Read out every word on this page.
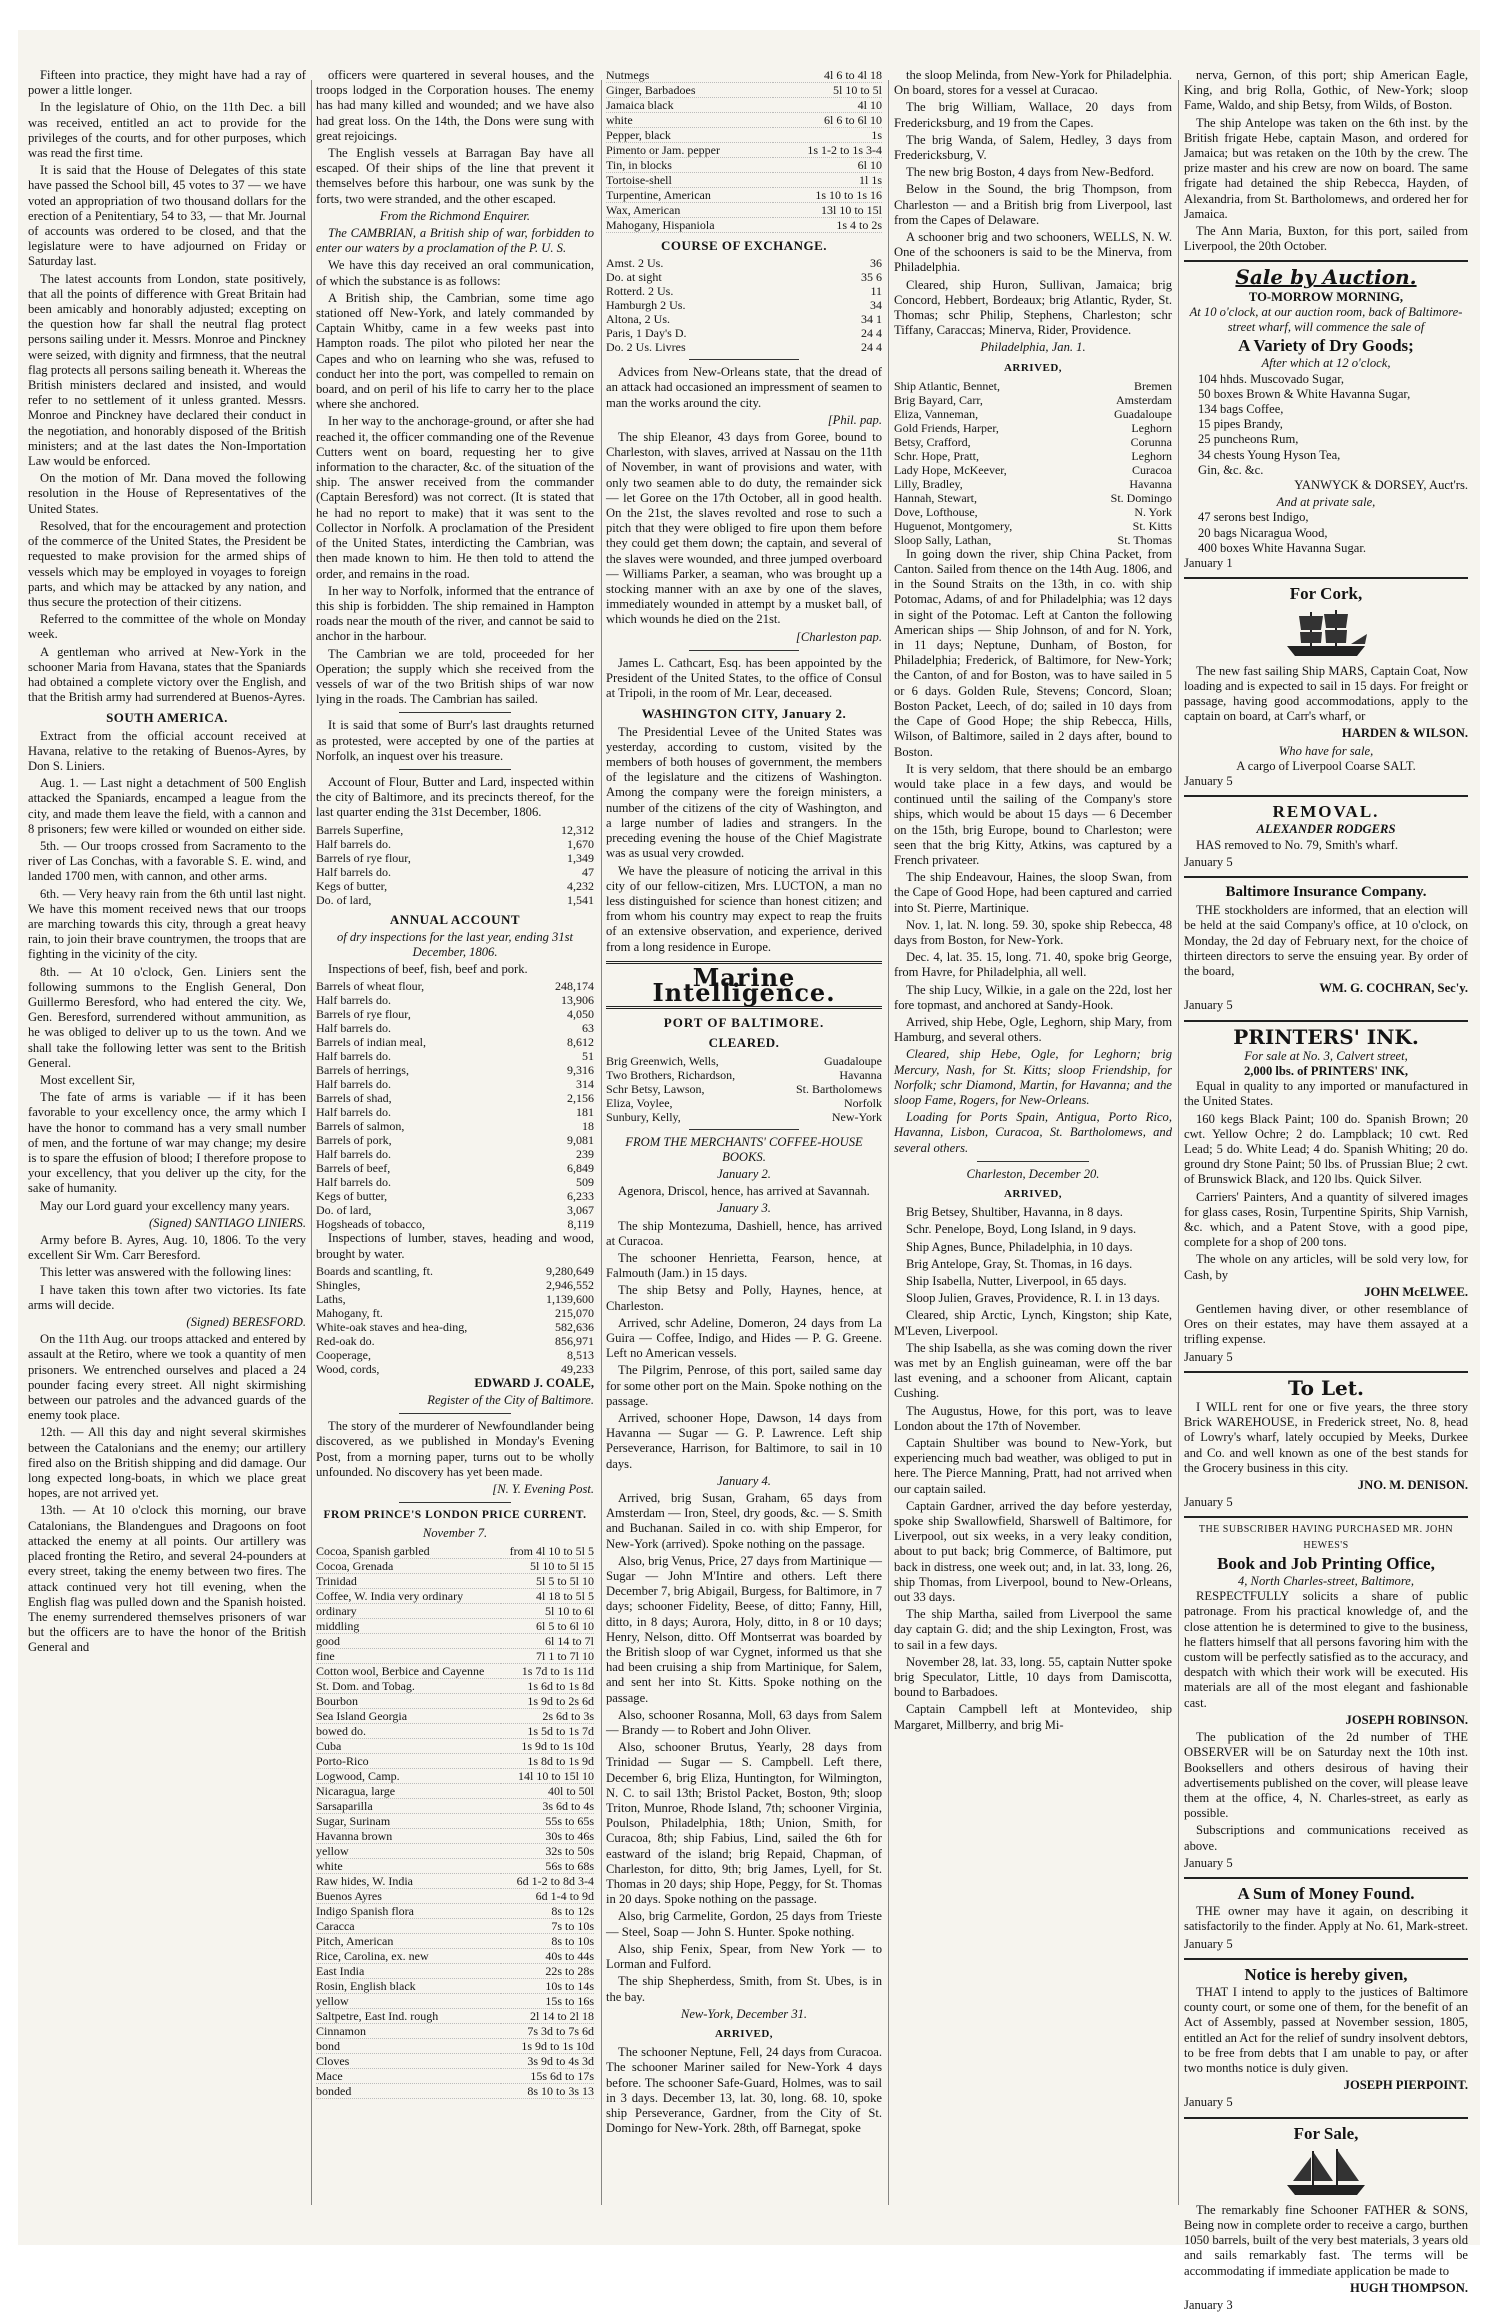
Fifteen into practice, they might have had a ray of power a little longer.

In the legislature of Ohio, on the 11th Dec. a bill was received, entitled an act to provide for the privileges of the courts, and for other purposes, which was read the first time.

It is said that the House of Delegates of this state have passed the School bill, 45 votes to 37 — we have voted an appropriation of two thousand dollars for the erection of a Penitentiary, 54 to 33, — that Mr. Journal of accounts was ordered to be closed, and that the legislature were to have adjourned on Friday or Saturday last.

The latest accounts from London, state positively, that all the points of difference with Great Britain had been amicably and honorably adjusted; excepting on the question how far shall the neutral flag protect persons sailing under it. Messrs. Monroe and Pinckney were seized, with dignity and firmness, that the neutral flag protects all persons sailing beneath it. Whereas the British ministers declared and insisted, and would refer to no settlement of it unless granted. Messrs. Monroe and Pinckney have declared their conduct in the negotiation, and honorably disposed of the British ministers; and at the last dates the Non-Importation Law would be enforced.

On the motion of Mr. Dana moved the following resolution in the House of Representatives of the United States.

Resolved, that for the encouragement and protection of the commerce of the United States, the President be requested to make provision for the armed ships of vessels which may be employed in voyages to foreign parts, and which may be attacked by any nation, and thus secure the protection of their citizens.

Referred to the committee of the whole on Monday week.

A gentleman who arrived at New-York in the schooner Maria from Havana, states that the Spaniards had obtained a complete victory over the English, and that the British army had surrendered at Buenos-Ayres.

SOUTH AMERICA.

Extract from the official account received at Havana, relative to the retaking of Buenos-Ayres, by Don S. Liniers.

Aug. 1. — Last night a detachment of 500 English attacked the Spaniards, encamped a league from the city, and made them leave the field, with a cannon and 8 prisoners; few were killed or wounded on either side.

5th. — Our troops crossed from Sacramento to the river of Las Conchas, with a favorable S. E. wind, and landed 1700 men, with cannon, and other arms.

6th. — Very heavy rain from the 6th until last night. We have this moment received news that our troops are marching towards this city, through a great heavy rain, to join their brave countrymen, the troops that are fighting in the vicinity of the city.

8th. — At 10 o'clock, Gen. Liniers sent the following summons to the English General, Don Guillermo Beresford, who had entered the city. We, Gen. Beresford, surrendered without ammunition, as he was obliged to deliver up to us the town. And we shall take the following letter was sent to the British General.

Most excellent Sir,

The fate of arms is variable — if it has been favorable to your excellency once, the army which I have the honor to command has a very small number of men, and the fortune of war may change; my desire is to spare the effusion of blood; I therefore propose to your excellency, that you deliver up the city, for the sake of humanity.

May our Lord guard your excellency many years.

(Signed) SANTIAGO LINIERS.

Army before B. Ayres, Aug. 10, 1806. To the very excellent Sir Wm. Carr Beresford.

This letter was answered with the following lines:

I have taken this town after two victories. Its fate arms will decide.

(Signed) BERESFORD.

On the 11th Aug. our troops attacked and entered by assault at the Retiro, where we took a quantity of men prisoners. We entrenched ourselves and placed a 24 pounder facing every street. All night skirmishing between our patroles and the advanced guards of the enemy took place.

12th. — All this day and night several skirmishes between the Catalonians and the enemy; our artillery fired also on the British shipping and did damage. Our long expected long-boats, in which we place great hopes, are not arrived yet.

13th. — At 10 o'clock this morning, our brave Catalonians, the Blandengues and Dragoons on foot attacked the enemy at all points. Our artillery was placed fronting the Retiro, and several 24-pounders at every street, taking the enemy between two fires. The attack continued very hot till evening, when the English flag was pulled down and the Spanish hoisted. The enemy surrendered themselves prisoners of war but the officers are to have the honor of the British General and

officers were quartered in several houses, and the troops lodged in the Corporation houses. The enemy has had many killed and wounded; and we have also had great loss. On the 14th, the Dons were sung with great rejoicings.

The English vessels at Barragan Bay have all escaped. Of their ships of the line that prevent it themselves before this harbour, one was sunk by the forts, two were stranded, and the other escaped.

From the Richmond Enquirer.

The CAMBRIAN, a British ship of war, forbidden to enter our waters by a proclamation of the P. U. S.

We have this day received an oral communication, of which the substance is as follows:

A British ship, the Cambrian, some time ago stationed off New-York, and lately commanded by Captain Whitby, came in a few weeks past into Hampton roads. The pilot who piloted her near the Capes and who on learning who she was, refused to conduct her into the port, was compelled to remain on board, and on peril of his life to carry her to the place where she anchored.

In her way to the anchorage-ground, or after she had reached it, the officer commanding one of the Revenue Cutters went on board, requesting her to give information to the character, &c. of the situation of the ship. The answer received from the commander (Captain Beresford) was not correct. (It is stated that he had no report to make) that it was sent to the Collector in Norfolk. A proclamation of the President of the United States, interdicting the Cambrian, was then made known to him. He then told to attend the order, and remains in the road.

In her way to Norfolk, informed that the entrance of this ship is forbidden. The ship remained in Hampton roads near the mouth of the river, and cannot be said to anchor in the harbour.

The Cambrian we are told, proceeded for her Operation; the supply which she received from the vessels of war of the two British ships of war now lying in the roads. The Cambrian has sailed.

It is said that some of Burr's last draughts returned as protested, were accepted by one of the parties at Norfolk, an inquest over his treasure.

Account of Flour, Butter and Lard, inspected within the city of Baltimore, and its precincts thereof, for the last quarter ending the 31st December, 1806.

Barrels Superfine,	12,312
Half barrels do.	1,670
Barrels of rye flour,	1,349
Half barrels do.	47
Kegs of butter,	4,232
Do. of lard,	1,541
ANNUAL ACCOUNT
of dry inspections for the last year, ending 31st December, 1806.

Inspections of beef, fish, beef and pork.

Barrels of wheat flour,	248,174
Half barrels do.	13,906
Barrels of rye flour,	4,050
Half barrels do.	63
Barrels of indian meal,	8,612
Half barrels do.	51
Barrels of herrings,	9,316
Half barrels do.	314
Barrels of shad,	2,156
Half barrels do.	181
Barrels of salmon,	18
Barrels of pork,	9,081
Half barrels do.	239
Barrels of beef,	6,849
Half barrels do.	509
Kegs of butter,	6,233
Do. of lard,	3,067
Hogsheads of tobacco,	8,119

Inspections of lumber, staves, heading and wood, brought by water.

Boards and scantling, ft.	9,280,649
Shingles,	2,946,552
Laths,	1,139,600
Mahogany, ft.	215,070
White-oak staves and hea-ding,	582,636
Red-oak do.	856,971
Cooperage,	8,513
Wood, cords,	49,233

EDWARD J. COALE,

Register of the City of Baltimore.

The story of the murderer of Newfoundlander being discovered, as we published in Monday's Evening Post, from a morning paper, turns out to be wholly unfounded. No discovery has yet been made.

[N. Y. Evening Post.

FROM PRINCE'S LONDON PRICE CURRENT.
November 7.
Cocoa, Spanish garbled	from 4l 10 to 5l 5
Cocoa, Grenada	5l 10 to 5l 15
Trinidad	5l 5 to 5l 10
Coffee, W. India very ordinary	4l 18 to 5l 5
ordinary	5l 10 to 6l
middling	6l 5 to 6l 10
good	6l 14 to 7l
fine	7l 1 to 7l 10
Cotton wool, Berbice and Cayenne	1s 7d to 1s 11d
St. Dom. and Tobag.	1s 6d to 1s 8d
Bourbon	1s 9d to 2s 6d
Sea Island Georgia	2s 6d to 3s
bowed do.	1s 5d to 1s 7d
Cuba	1s 9d to 1s 10d
Porto-Rico	1s 8d to 1s 9d
Logwood, Camp.	14l 10 to 15l 10
Nicaragua, large	40l to 50l
Sarsaparilla	3s 6d to 4s
Sugar, Surinam	55s to 65s
Havanna brown	30s to 46s
yellow	32s to 50s
white	56s to 68s
Raw hides, W. India	6d 1-2 to 8d 3-4
Buenos Ayres	6d 1-4 to 9d
Indigo Spanish flora	8s to 12s
Caracca	7s to 10s
Pitch, American	8s to 10s
Rice, Carolina, ex. new	40s to 44s
East India	22s to 28s
Rosin, English black	10s to 14s
yellow	15s to 16s
Saltpetre, East Ind. rough	2l 14 to 2l 18
Cinnamon	7s 3d to 7s 6d
bond	1s 9d to 1s 10d
Cloves	3s 9d to 4s 3d
Mace	15s 6d to 17s
bonded	8s 10 to 3s 13
Nutmegs	4l 6 to 4l 18
Ginger, Barbadoes	5l 10 to 5l
Jamaica black	4l 10
white	6l 6 to 6l 10
Pepper, black	1s
Pimento or Jam. pepper	1s 1-2 to 1s 3-4
Tin, in blocks	6l 10
Tortoise-shell	1l 1s
Turpentine, American	1s 10 to 1s 16
Wax, American	13l 10 to 15l
Mahogany, Hispaniola	1s 4 to 2s
COURSE OF EXCHANGE.
Amst. 2 Us.	36
Do. at sight	35 6
Rotterd. 2 Us.	11
Hamburgh 2 Us.	34
Altona, 2 Us.	34 1
Paris, 1 Day's D.	24 4
Do. 2 Us. Livres	24 4

Advices from New-Orleans state, that the dread of an attack had occasioned an impressment of seamen to man the works around the city.

[Phil. pap.

The ship Eleanor, 43 days from Goree, bound to Charleston, with slaves, arrived at Nassau on the 11th of November, in want of provisions and water, with only two seamen able to do duty, the remainder sick — let Goree on the 17th October, all in good health. On the 21st, the slaves revolted and rose to such a pitch that they were obliged to fire upon them before they could get them down; the captain, and several of the slaves were wounded, and three jumped overboard — Williams Parker, a seaman, who was brought up a stocking manner with an axe by one of the slaves, immediately wounded in attempt by a musket ball, of which wounds he died on the 21st.

[Charleston pap.

James L. Cathcart, Esq. has been appointed by the President of the United States, to the office of Consul at Tripoli, in the room of Mr. Lear, deceased.

WASHINGTON CITY, January 2.

The Presidential Levee of the United States was yesterday, according to custom, visited by the members of both houses of government, the members of the legislature and the citizens of Washington. Among the company were the foreign ministers, a number of the citizens of the city of Washington, and a large number of ladies and strangers. In the preceding evening the house of the Chief Magistrate was as usual very crowded.

We have the pleasure of noticing the arrival in this city of our fellow-citizen, Mrs. LUCTON, a man no less distinguished for science than honest citizen; and from whom his country may expect to reap the fruits of an extensive observation, and experience, derived from a long residence in Europe.

Marine Intelligence.
PORT OF BALTIMORE.
CLEARED.
Brig Greenwich, Wells,	Guadaloupe
Two Brothers, Richardson,	Havanna
Schr Betsy, Lawson,	St. Bartholomews
Eliza, Voylee,	Norfolk
Sunbury, Kelly,	New-York
FROM THE MERCHANTS' COFFEE-HOUSE BOOKS.
January 2.

Agenora, Driscol, hence, has arrived at Savannah.

January 3.

The ship Montezuma, Dashiell, hence, has arrived at Curacoa.

The schooner Henrietta, Fearson, hence, at Falmouth (Jam.) in 15 days.

The ship Betsy and Polly, Haynes, hence, at Charleston.

Arrived, schr Adeline, Domeron, 24 days from La Guira — Coffee, Indigo, and Hides — P. G. Greene. Left no American vessels.

The Pilgrim, Penrose, of this port, sailed same day for some other port on the Main. Spoke nothing on the passage.

Arrived, schooner Hope, Dawson, 14 days from Havanna — Sugar — G. P. Lawrence. Left ship Perseverance, Harrison, for Baltimore, to sail in 10 days.

January 4.

Arrived, brig Susan, Graham, 65 days from Amsterdam — Iron, Steel, dry goods, &c. — S. Smith and Buchanan. Sailed in co. with ship Emperor, for New-York (arrived). Spoke nothing on the passage.

Also, brig Venus, Price, 27 days from Martinique — Sugar — John M'Intire and others. Left there December 7, brig Abigail, Burgess, for Baltimore, in 7 days; schooner Fidelity, Beese, of ditto; Fanny, Hill, ditto, in 8 days; Aurora, Holy, ditto, in 8 or 10 days; Henry, Nelson, ditto. Off Montserrat was boarded by the British sloop of war Cygnet, informed us that she had been cruising a ship from Martinique, for Salem, and sent her into St. Kitts. Spoke nothing on the passage.

Also, schooner Rosanna, Moll, 63 days from Salem — Brandy — to Robert and John Oliver.

Also, schooner Brutus, Yearly, 28 days from Trinidad — Sugar — S. Campbell. Left there, December 6, brig Eliza, Huntington, for Wilmington, N. C. to sail 13th; Bristol Packet, Boston, 9th; sloop Triton, Munroe, Rhode Island, 7th; schooner Virginia, Poulson, Philadelphia, 18th; Union, Smith, for Curacoa, 8th; ship Fabius, Lind, sailed the 6th for eastward of the island; brig Repaid, Chapman, of Charleston, for ditto, 9th; brig James, Lyell, for St. Thomas in 20 days; ship Hope, Peggy, for St. Thomas in 20 days. Spoke nothing on the passage.

Also, brig Carmelite, Gordon, 25 days from Trieste — Steel, Soap — John S. Hunter. Spoke nothing.

Also, ship Fenix, Spear, from New York — to Lorman and Fulford.

The ship Shepherdess, Smith, from St. Ubes, is in the bay.

New-York, December 31.
ARRIVED,

The schooner Neptune, Fell, 24 days from Curacoa. The schooner Mariner sailed for New-York 4 days before. The schooner Safe-Guard, Holmes, was to sail in 3 days. December 13, lat. 30, long. 68. 10, spoke ship Perseverance, Gardner, from the City of St. Domingo for New-York. 28th, off Barnegat, spoke

the sloop Melinda, from New-York for Philadelphia. On board, stores for a vessel at Curacao.

The brig William, Wallace, 20 days from Fredericksburg, and 19 from the Capes.

The brig Wanda, of Salem, Hedley, 3 days from Fredericksburg, V.

The new brig Boston, 4 days from New-Bedford.

Below in the Sound, the brig Thompson, from Charleston — and a British brig from Liverpool, last from the Capes of Delaware.

A schooner brig and two schooners, WELLS, N. W. One of the schooners is said to be the Minerva, from Philadelphia.

Cleared, ship Huron, Sullivan, Jamaica; brig Concord, Hebbert, Bordeaux; brig Atlantic, Ryder, St. Thomas; schr Philip, Stephens, Charleston; schr Tiffany, Caraccas; Minerva, Rider, Providence.

Philadelphia, Jan. 1.
ARRIVED,
Ship Atlantic, Bennet,	Bremen
Brig Bayard, Carr,	Amsterdam
Eliza, Vanneman,	Guadaloupe
Gold Friends, Harper,	Leghorn
Betsy, Crafford,	Corunna
Schr. Hope, Pratt,	Leghorn
Lady Hope, McKeever,	Curacoa
Lilly, Bradley,	Havanna
Hannah, Stewart,	St. Domingo
Dove, Lofthouse,	N. York
Huguenot, Montgomery,	St. Kitts
Sloop Sally, Lathan,	St. Thomas

In going down the river, ship China Packet, from Canton. Sailed from thence on the 14th Aug. 1806, and in the Sound Straits on the 13th, in co. with ship Potomac, Adams, of and for Philadelphia; was 12 days in sight of the Potomac. Left at Canton the following American ships — Ship Johnson, of and for N. York, in 11 days; Neptune, Dunham, of Boston, for Philadelphia; Frederick, of Baltimore, for New-York; the Canton, of and for Boston, was to have sailed in 5 or 6 days. Golden Rule, Stevens; Concord, Sloan; Boston Packet, Leech, of do; sailed in 10 days from the Cape of Good Hope; the ship Rebecca, Hills, Wilson, of Baltimore, sailed in 2 days after, bound to Boston.

It is very seldom, that there should be an embargo would take place in a few days, and would be continued until the sailing of the Company's store ships, which would be about 15 days — 6 December on the 15th, brig Europe, bound to Charleston; were seen that the brig Kitty, Atkins, was captured by a French privateer.

The ship Endeavour, Haines, the sloop Swan, from the Cape of Good Hope, had been captured and carried into St. Pierre, Martinique.

Nov. 1, lat. N. long. 59. 30, spoke ship Rebecca, 48 days from Boston, for New-York.

Dec. 4, lat. 35. 15, long. 71. 40, spoke brig George, from Havre, for Philadelphia, all well.

The ship Lucy, Wilkie, in a gale on the 22d, lost her fore topmast, and anchored at Sandy-Hook.

Arrived, ship Hebe, Ogle, Leghorn, ship Mary, from Hamburg, and several others.

Cleared, ship Hebe, Ogle, for Leghorn; brig Mercury, Nash, for St. Kitts; sloop Friendship, for Norfolk; schr Diamond, Martin, for Havanna; and the sloop Fame, Rogers, for New-Orleans.

Loading for Ports Spain, Antigua, Porto Rico, Havanna, Lisbon, Curacoa, St. Bartholomews, and several others.

Charleston, December 20.
ARRIVED,

Brig Betsey, Shultiber, Havanna, in 8 days.

Schr. Penelope, Boyd, Long Island, in 9 days.

Ship Agnes, Bunce, Philadelphia, in 10 days.

Brig Antelope, Gray, St. Thomas, in 16 days.

Ship Isabella, Nutter, Liverpool, in 65 days.

Sloop Julien, Graves, Providence, R. I. in 13 days.

Cleared, ship Arctic, Lynch, Kingston; ship Kate, M'Leven, Liverpool.

The ship Isabella, as she was coming down the river was met by an English guineaman, were off the bar last evening, and a schooner from Alicant, captain Cushing.

The Augustus, Howe, for this port, was to leave London about the 17th of November.

Captain Shultiber was bound to New-York, but experiencing much bad weather, was obliged to put in here. The Pierce Manning, Pratt, had not arrived when our captain sailed.

Captain Gardner, arrived the day before yesterday, spoke ship Swallowfield, Sharswell of Baltimore, for Liverpool, out six weeks, in a very leaky condition, about to put back; brig Commerce, of Baltimore, put back in distress, one week out; and, in lat. 33, long. 26, ship Thomas, from Liverpool, bound to New-Orleans, out 33 days.

The ship Martha, sailed from Liverpool the same day captain G. did; and the ship Lexington, Frost, was to sail in a few days.

November 28, lat. 33, long. 55, captain Nutter spoke brig Speculator, Little, 10 days from Damiscotta, bound to Barbadoes.

Captain Campbell left at Montevideo, ship Margaret, Millberry, and brig Mi-

nerva, Gernon, of this port; ship American Eagle, King, and brig Rolla, Gothic, of New-York; sloop Fame, Waldo, and ship Betsy, from Wilds, of Boston.

The ship Antelope was taken on the 6th inst. by the British frigate Hebe, captain Mason, and ordered for Jamaica; but was retaken on the 10th by the crew. The prize master and his crew are now on board. The same frigate had detained the ship Rebecca, Hayden, of Alexandria, from St. Bartholomews, and ordered her for Jamaica.

The Ann Maria, Buxton, for this port, sailed from Liverpool, the 20th October.

Sale by Auction.
TO-MORROW MORNING,

At 10 o'clock, at our auction room, back of Baltimore-street wharf, will commence the sale of

A Variety of Dry Goods;
After which at 12 o'clock,
104 hhds. Muscovado Sugar,
50 boxes Brown & White Havanna Sugar,
134 bags Coffee,
15 pipes Brandy,
25 puncheons Rum,
34 chests Young Hyson Tea,
Gin, &c. &c.

YANWYCK & DORSEY, Auct'rs.

And at private sale,
47 serons best Indigo,
20 bags Nicaragua Wood,
400 boxes White Havanna Sugar.
January 1
For Cork,

The new fast sailing Ship MARS, Captain Coat, Now loading and is expected to sail in 15 days. For freight or passage, having good accommodations, apply to the captain on board, at Carr's wharf, or

HARDEN & WILSON.

Who have for sale,
A cargo of Liverpool Coarse SALT.
January 5
REMOVAL.
ALEXANDER RODGERS

HAS removed to No. 79, Smith's wharf.

January 5
Baltimore Insurance Company.

THE stockholders are informed, that an election will be held at the said Company's office, at 10 o'clock, on Monday, the 2d day of February next, for the choice of thirteen directors to serve the ensuing year. By order of the board,

WM. G. COCHRAN, Sec'y.

January 5
PRINTERS' INK.
For sale at No. 3, Calvert street,
2,000 lbs. of PRINTERS' INK,

Equal in quality to any imported or manufactured in the United States.

160 kegs Black Paint; 100 do. Spanish Brown; 20 cwt. Yellow Ochre; 2 do. Lampblack; 10 cwt. Red Lead; 5 do. White Lead; 4 do. Spanish Whiting; 20 do. ground dry Stone Paint; 50 lbs. of Prussian Blue; 2 cwt. of Brunswick Black, and 120 lbs. Quick Silver.

Carriers' Painters, And a quantity of silvered images for glass cases, Rosin, Turpentine Spirits, Ship Varnish, &c. which, and a Patent Stove, with a good pipe, complete for a shop of 200 tons.

The whole on any articles, will be sold very low, for Cash, by

JOHN McELWEE.

Gentlemen having diver, or other resemblance of Ores on their estates, may have them assayed at a trifling expense.

January 5
To Let.

I WILL rent for one or five years, the three story Brick WAREHOUSE, in Frederick street, No. 8, head of Lowry's wharf, lately occupied by Meeks, Durkee and Co. and well known as one of the best stands for the Grocery business in this city.

JNO. M. DENISON.

January 5
THE SUBSCRIBER HAVING PURCHASED MR. JOHN HEWES'S
Book and Job Printing Office,
4, North Charles-street, Baltimore,

RESPECTFULLY solicits a share of public patronage. From his practical knowledge of, and the close attention he is determined to give to the business, he flatters himself that all persons favoring him with the custom will be perfectly satisfied as to the accuracy, and despatch with which their work will be executed. His materials are all of the most elegant and fashionable cast.

JOSEPH ROBINSON.

The publication of the 2d number of THE OBSERVER will be on Saturday next the 10th inst. Booksellers and others desirous of having their advertisements published on the cover, will please leave them at the office, 4, N. Charles-street, as early as possible.

Subscriptions and communications received as above.

January 5
A Sum of Money Found.

THE owner may have it again, on describing it satisfactorily to the finder. Apply at No. 61, Mark-street.

January 5
Notice is hereby given,

THAT I intend to apply to the justices of Baltimore county court, or some one of them, for the benefit of an Act of Assembly, passed at November session, 1805, entitled an Act for the relief of sundry insolvent debtors, to be free from debts that I am unable to pay, or after two months notice is duly given.

JOSEPH PIERPOINT.

January 5
For Sale,

The remarkably fine Schooner FATHER & SONS, Being now in complete order to receive a cargo, burthen 1050 barrels, built of the very best materials, 3 years old and sails remarkably fast. The terms will be accommodating if immediate application be made to

HUGH THOMPSON.

January 3
